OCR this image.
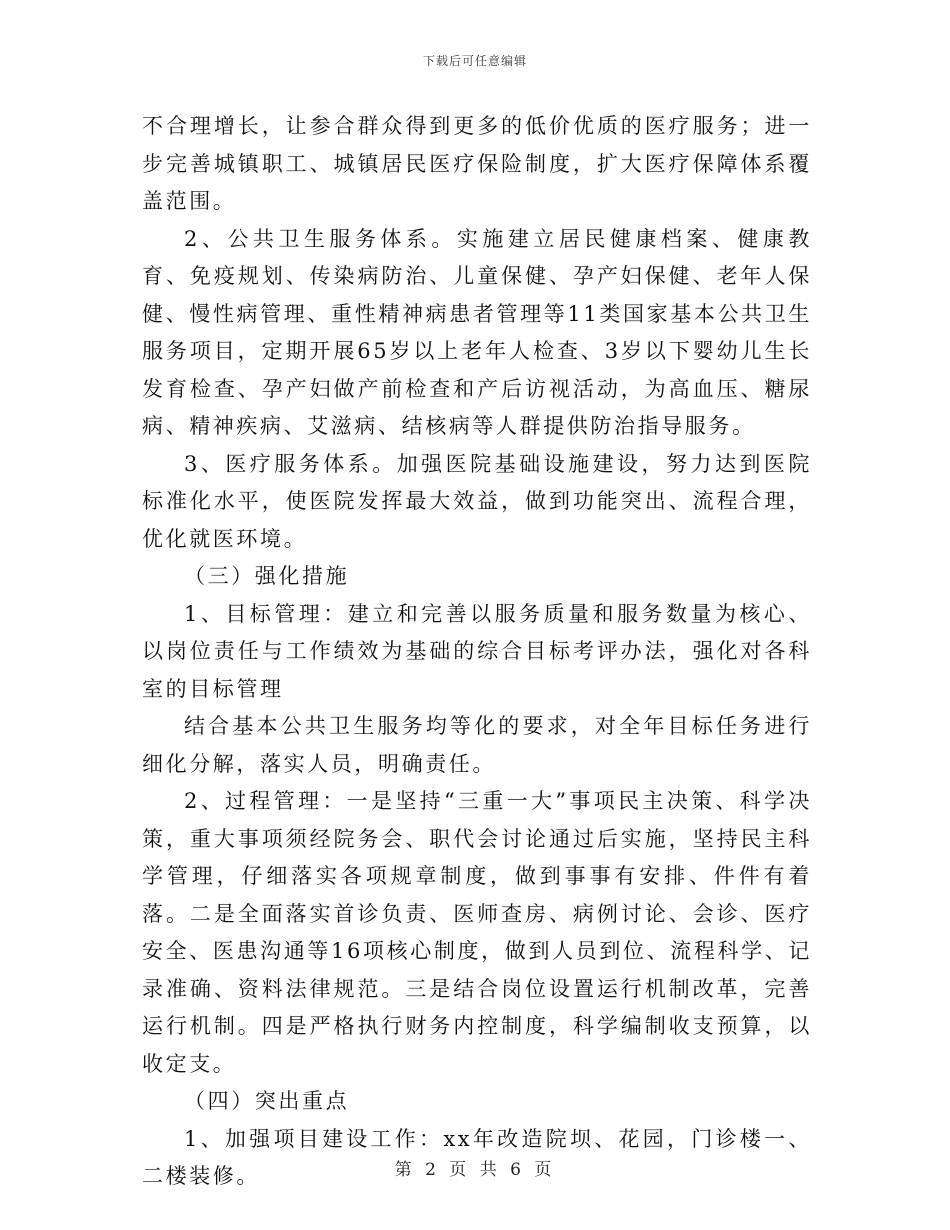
下载后可任意编辑

不合理增长，让参合群众得到更多的低价优质的医疗服务；进一步完善城镇职工、城镇居民医疗保险制度，扩大医疗保障体系覆盖范围。

2、公共卫生服务体系。实施建立居民健康档案、健康教育、免疫规划、传染病防治、儿童保健、孕产妇保健、老年人保健、慢性病管理、重性精神病患者管理等11类国家基本公共卫生服务项目，定期开展65岁以上老年人检查、3岁以下婴幼儿生长发育检查、孕产妇做产前检查和产后访视活动，为高血压、糖尿病、精神疾病、艾滋病、结核病等人群提供防治指导服务。

3、医疗服务体系。加强医院基础设施建设，努力达到医院标准化水平，使医院发挥最大效益，做到功能突出、流程合理，优化就医环境。

（三）强化措施

1、目标管理：建立和完善以服务质量和服务数量为核心、以岗位责任与工作绩效为基础的综合目标考评办法，强化对各科室的目标管理

结合基本公共卫生服务均等化的要求，对全年目标任务进行细化分解，落实人员，明确责任。

2、过程管理：一是坚持“三重一大”事项民主决策、科学决策，重大事项须经院务会、职代会讨论通过后实施，坚持民主科学管理，仔细落实各项规章制度，做到事事有安排、件件有着落。二是全面落实首诊负责、医师查房、病例讨论、会诊、医疗安全、医患沟通等16项核心制度，做到人员到位、流程科学、记录准确、资料法律规范。三是结合岗位设置运行机制改革，完善运行机制。四是严格执行财务内控制度，科学编制收支预算，以收定支。

（四）突出重点

1、加强项目建设工作：xx年改造院坝、花园，门诊楼一、二楼装修。	第 2 页 共 6 页
